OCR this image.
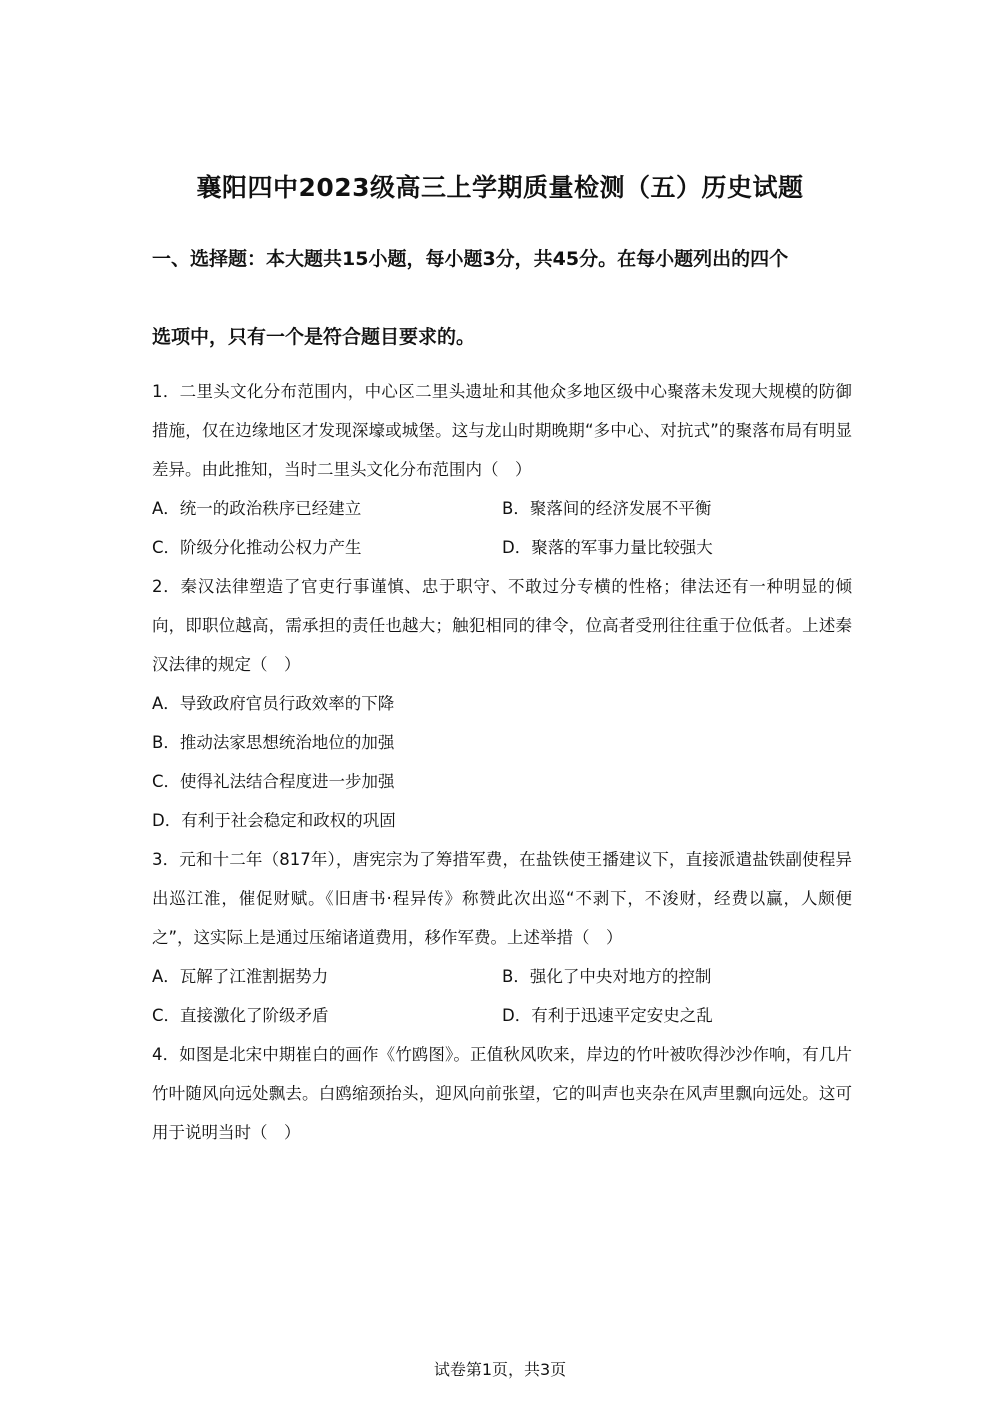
襄阳四中2023级高三上学期质量检测（五）历史试题
一、选择题：本大题共15小题，每小题3分，共45分。在每小题列出的四个
选项中，只有一个是符合题目要求的。
1．二里头文化分布范围内，中心区二里头遗址和其他众多地区级中心聚落未发现大规模的防御措施，仅在边缘地区才发现深壕或城堡。这与龙山时期晚期“多中心、对抗式”的聚落布局有明显差异。由此推知，当时二里头文化分布范围内（　）
A．统一的政治秩序已经建立	B．聚落间的经济发展不平衡
C．阶级分化推动公权力产生	D．聚落的军事力量比较强大
2．秦汉法律塑造了官吏行事谨慎、忠于职守、不敢过分专横的性格；律法还有一种明显的倾向，即职位越高，需承担的责任也越大；触犯相同的律令，位高者受刑往往重于位低者。上述秦汉法律的规定（　）
A．导致政府官员行政效率的下降
B．推动法家思想统治地位的加强
C．使得礼法结合程度进一步加强
D．有利于社会稳定和政权的巩固
3．元和十二年（817年），唐宪宗为了筹措军费，在盐铁使王播建议下，直接派遣盐铁副使程异出巡江淮，催促财赋。《旧唐书·程异传》称赞此次出巡“不剥下，不浚财，经费以赢，人颇便之”，这实际上是通过压缩诸道费用，移作军费。上述举措（　）
A．瓦解了江淮割据势力	B．强化了中央对地方的控制
C．直接激化了阶级矛盾	D．有利于迅速平定安史之乱
4．如图是北宋中期崔白的画作《竹鸥图》。正值秋风吹来，岸边的竹叶被吹得沙沙作响，有几片竹叶随风向远处飘去。白鸥缩颈抬头，迎风向前张望，它的叫声也夹杂在风声里飘向远处。这可用于说明当时（　）
试卷第1页，共3页
